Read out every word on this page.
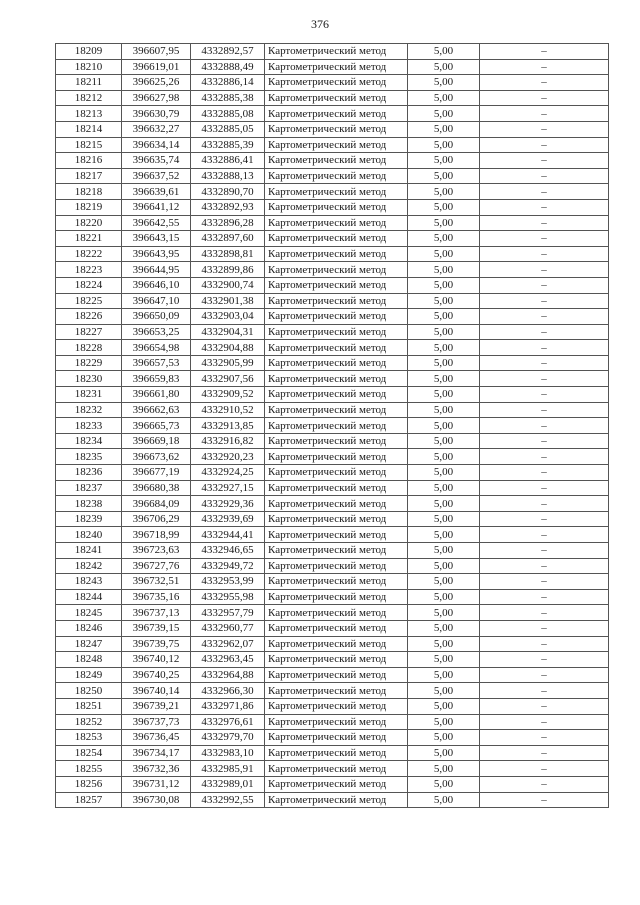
376
18209	396607,95	4332892,57	Картометрический метод	5,00	–
18210	396619,01	4332888,49	Картометрический метод	5,00	–
18211	396625,26	4332886,14	Картометрический метод	5,00	–
18212	396627,98	4332885,38	Картометрический метод	5,00	–
18213	396630,79	4332885,08	Картометрический метод	5,00	–
18214	396632,27	4332885,05	Картометрический метод	5,00	–
18215	396634,14	4332885,39	Картометрический метод	5,00	–
18216	396635,74	4332886,41	Картометрический метод	5,00	–
18217	396637,52	4332888,13	Картометрический метод	5,00	–
18218	396639,61	4332890,70	Картометрический метод	5,00	–
18219	396641,12	4332892,93	Картометрический метод	5,00	–
18220	396642,55	4332896,28	Картометрический метод	5,00	–
18221	396643,15	4332897,60	Картометрический метод	5,00	–
18222	396643,95	4332898,81	Картометрический метод	5,00	–
18223	396644,95	4332899,86	Картометрический метод	5,00	–
18224	396646,10	4332900,74	Картометрический метод	5,00	–
18225	396647,10	4332901,38	Картометрический метод	5,00	–
18226	396650,09	4332903,04	Картометрический метод	5,00	–
18227	396653,25	4332904,31	Картометрический метод	5,00	–
18228	396654,98	4332904,88	Картометрический метод	5,00	–
18229	396657,53	4332905,99	Картометрический метод	5,00	–
18230	396659,83	4332907,56	Картометрический метод	5,00	–
18231	396661,80	4332909,52	Картометрический метод	5,00	–
18232	396662,63	4332910,52	Картометрический метод	5,00	–
18233	396665,73	4332913,85	Картометрический метод	5,00	–
18234	396669,18	4332916,82	Картометрический метод	5,00	–
18235	396673,62	4332920,23	Картометрический метод	5,00	–
18236	396677,19	4332924,25	Картометрический метод	5,00	–
18237	396680,38	4332927,15	Картометрический метод	5,00	–
18238	396684,09	4332929,36	Картометрический метод	5,00	–
18239	396706,29	4332939,69	Картометрический метод	5,00	–
18240	396718,99	4332944,41	Картометрический метод	5,00	–
18241	396723,63	4332946,65	Картометрический метод	5,00	–
18242	396727,76	4332949,72	Картометрический метод	5,00	–
18243	396732,51	4332953,99	Картометрический метод	5,00	–
18244	396735,16	4332955,98	Картометрический метод	5,00	–
18245	396737,13	4332957,79	Картометрический метод	5,00	–
18246	396739,15	4332960,77	Картометрический метод	5,00	–
18247	396739,75	4332962,07	Картометрический метод	5,00	–
18248	396740,12	4332963,45	Картометрический метод	5,00	–
18249	396740,25	4332964,88	Картометрический метод	5,00	–
18250	396740,14	4332966,30	Картометрический метод	5,00	–
18251	396739,21	4332971,86	Картометрический метод	5,00	–
18252	396737,73	4332976,61	Картометрический метод	5,00	–
18253	396736,45	4332979,70	Картометрический метод	5,00	–
18254	396734,17	4332983,10	Картометрический метод	5,00	–
18255	396732,36	4332985,91	Картометрический метод	5,00	–
18256	396731,12	4332989,01	Картометрический метод	5,00	–
18257	396730,08	4332992,55	Картометрический метод	5,00	–
